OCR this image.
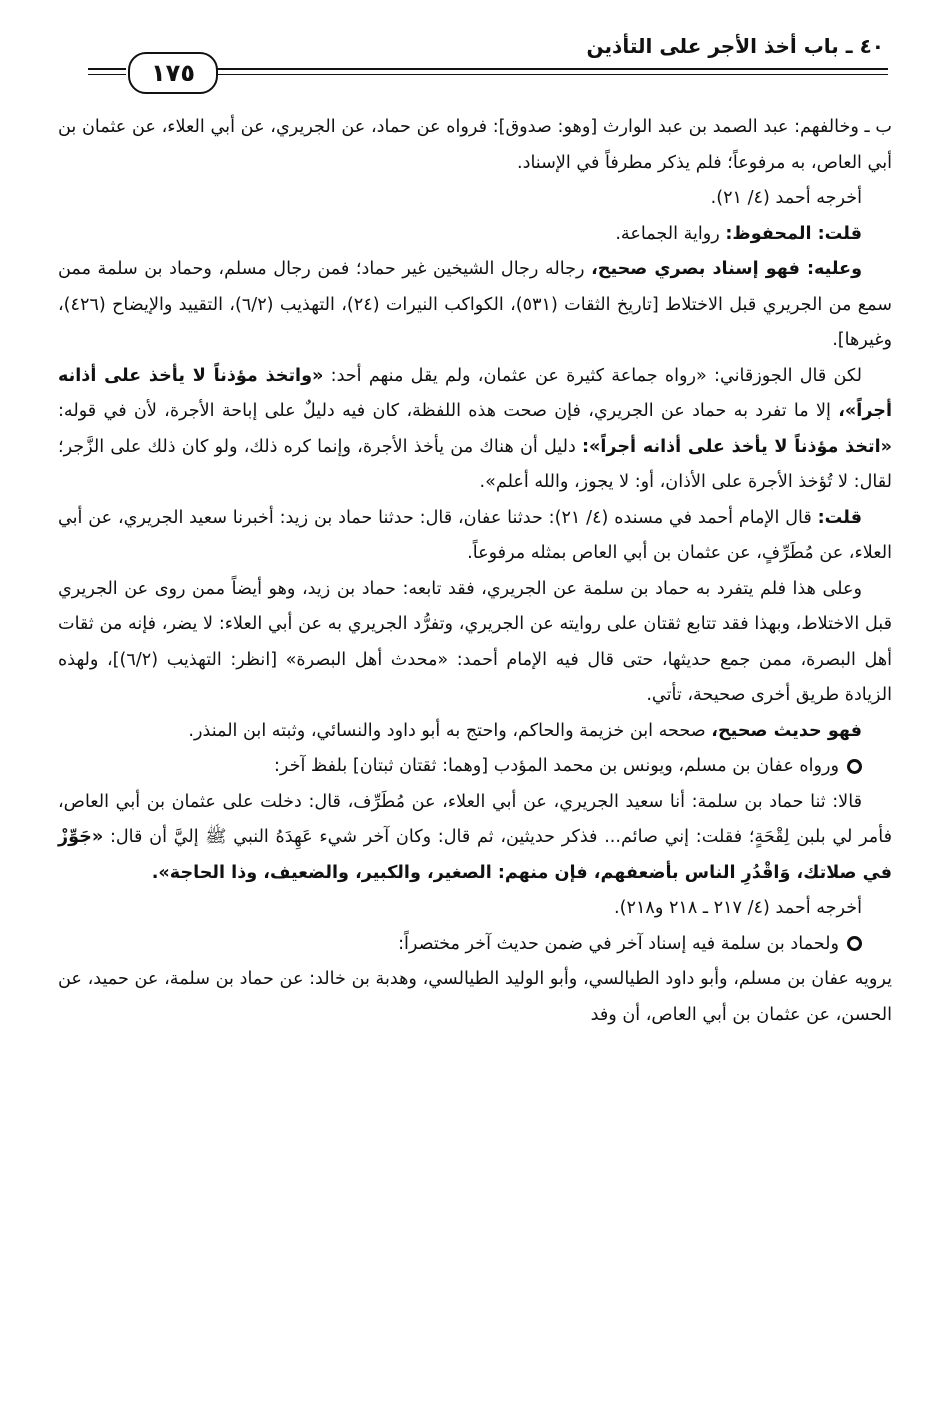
١٧٥
٤٠ ـ باب أخذ الأجر على التأذين

ب ـ وخالفهم: عبد الصمد بن عبد الوارث [وهو: صدوق]: فرواه عن حماد، عن الجريري، عن أبي العلاء، عن عثمان بن أبي العاص، به مرفوعاً؛ فلم يذكر مطرفاً في الإسناد.

أخرجه أحمد (٤/ ٢١).

قلت: المحفوظ: رواية الجماعة.

وعليه: فهو إسناد بصري صحيح، رجاله رجال الشيخين غير حماد؛ فمن رجال مسلم، وحماد بن سلمة ممن سمع من الجريري قبل الاختلاط [تاريخ الثقات (٥٣١)، الكواكب النيرات (٢٤)، التهذيب (٦/٢)، التقييد والإيضاح (٤٢٦)، وغيرها].

لكن قال الجوزقاني: «رواه جماعة كثيرة عن عثمان، ولم يقل منهم أحد: «واتخذ مؤذناً لا يأخذ على أذانه أجراً»، إلا ما تفرد به حماد عن الجريري، فإن صحت هذه اللفظة، كان فيه دليلٌ على إباحة الأجرة، لأن في قوله: «اتخذ مؤذناً لا يأخذ على أذانه أجراً»: دليل أن هناك من يأخذ الأجرة، وإنما كره ذلك، ولو كان ذلك على الزَّجر؛ لقال: لا تُؤخذ الأجرة على الأذان، أو: لا يجوز، والله أعلم».

قلت: قال الإمام أحمد في مسنده (٤/ ٢١): حدثنا عفان، قال: حدثنا حماد بن زيد: أخبرنا سعيد الجريري، عن أبي العلاء، عن مُطَرِّفٍ، عن عثمان بن أبي العاص بمثله مرفوعاً.

وعلى هذا فلم يتفرد به حماد بن سلمة عن الجريري، فقد تابعه: حماد بن زيد، وهو أيضاً ممن روى عن الجريري قبل الاختلاط، وبهذا فقد تتابع ثقتان على روايته عن الجريري، وتفرُّد الجريري به عن أبي العلاء: لا يضر، فإنه من ثقات أهل البصرة، ممن جمع حديثها، حتى قال فيه الإمام أحمد: «محدث أهل البصرة» [انظر: التهذيب (٦/٢)]، ولهذه الزيادة طريق أخرى صحيحة، تأتي.

فهو حديث صحيح، صححه ابن خزيمة والحاكم، واحتج به أبو داود والنسائي، وثبته ابن المنذر.

ورواه عفان بن مسلم، ويونس بن محمد المؤدب [وهما: ثقتان ثبتان] بلفظ آخر:

قالا: ثنا حماد بن سلمة: أنا سعيد الجريري، عن أبي العلاء، عن مُطَرِّف، قال: دخلت على عثمان بن أبي العاص، فأمر لي بلبن لِقْحَةٍ؛ فقلت: إني صائم... فذكر حديثين، ثم قال: وكان آخر شيء عَهِدَهُ النبي ﷺ إليَّ أن قال: «جَوِّزْ في صلاتك، وَاقْدُرِ الناس بأضعفهم، فإن منهم: الصغير، والكبير، والضعيف، وذا الحاجة».

أخرجه أحمد (٤/ ٢١٧ ـ ٢١٨ و٢١٨).

ولحماد بن سلمة فيه إسناد آخر في ضمن حديث آخر مختصراً:

يرويه عفان بن مسلم، وأبو داود الطيالسي، وأبو الوليد الطيالسي، وهدبة بن خالد: عن حماد بن سلمة، عن حميد، عن الحسن، عن عثمان بن أبي العاص، أن وفد
